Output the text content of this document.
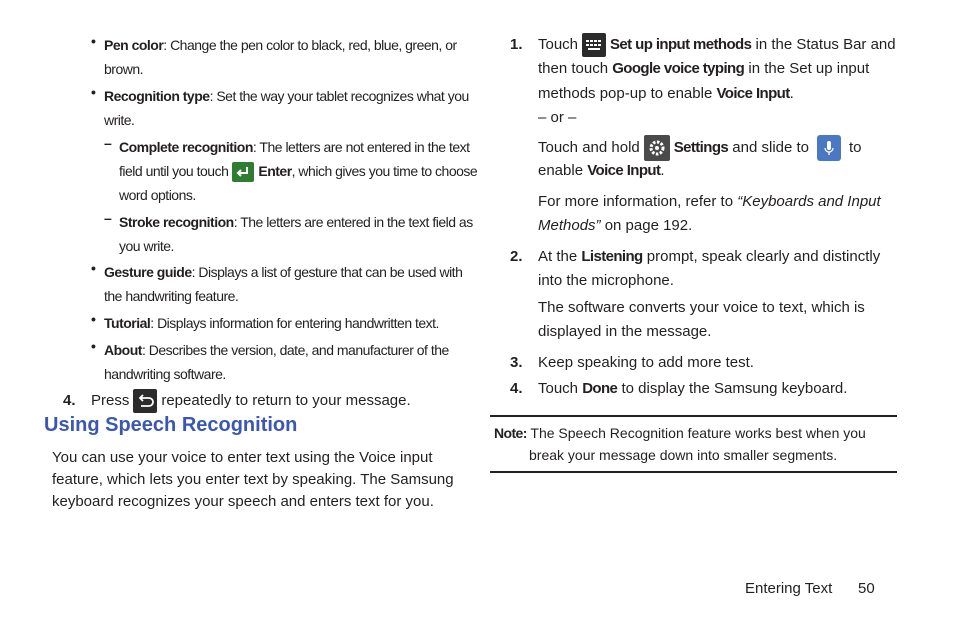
• Pen color: Change the pen color to black, red, blue, green, or
brown.
• Recognition type: Set the way your tablet recognizes what you
write.
– Complete recognition: The letters are not entered in the text
field until you touch Enter, which gives you time to choose
word options.
– Stroke recognition: The letters are entered in the text field as
you write.
• Gesture guide: Displays a list of gesture that can be used with
the handwriting feature.
• Tutorial: Displays information for entering handwritten text.
• About: Describes the version, date, and manufacturer of the
handwriting software.
4. Press repeatedly to return to your message.
Using Speech Recognition
You can use your voice to enter text using the Voice input
feature, which lets you enter text by speaking. The Samsung
keyboard recognizes your speech and enters text for you.
1. Touch Set up input methods in the Status Bar and
then touch Google voice typing in the Set up input
methods pop-up to enable Voice Input.
– or –
Touch and hold Settings and slide to	to
enable Voice Input.
For more information, refer to “Keyboards and Input
Methods” on page 192.
2. At the Listening prompt, speak clearly and distinctly
into the microphone.
The software converts your voice to text, which is
displayed in the message.
3. Keep speaking to add more test.
4. Touch Done to display the Samsung keyboard.
Note: The Speech Recognition feature works best when you
break your message down into smaller segments.
Entering Text 50
